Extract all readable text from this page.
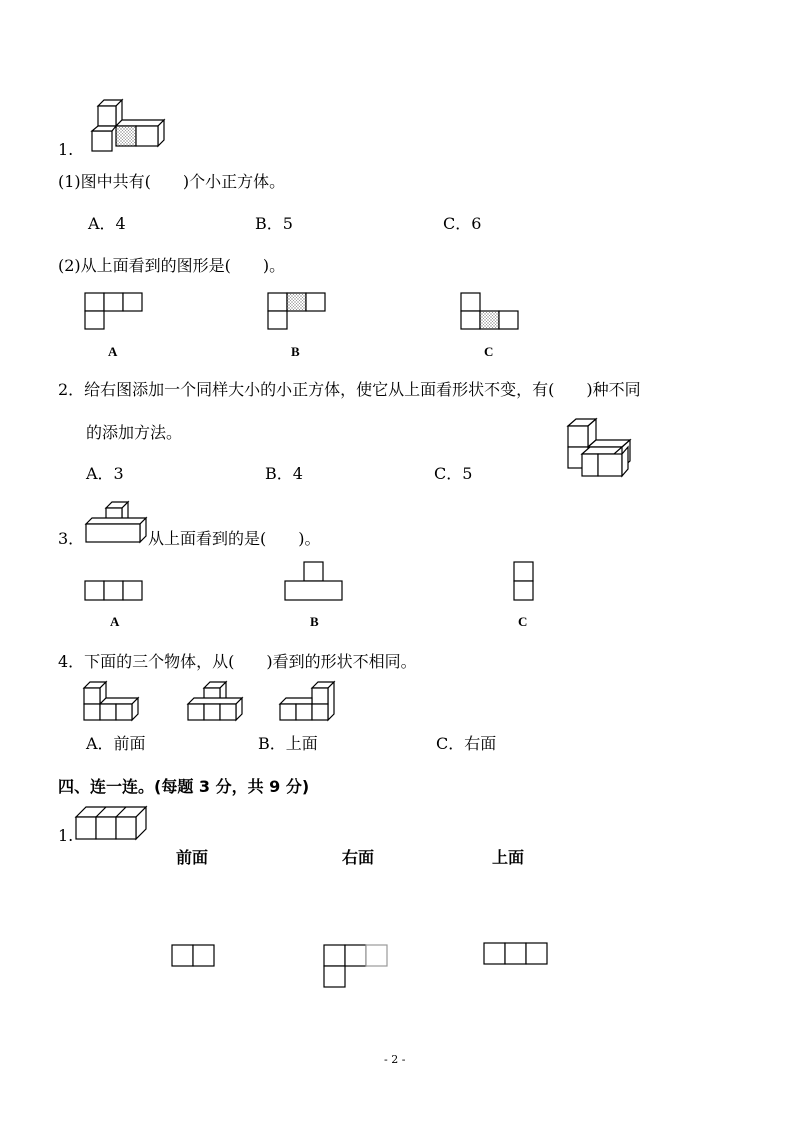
1.
(1)图中共有(　　)个小正方体。
A．4	B．5	C．6
(2)从上面看到的图形是(　　)。
A	B	C
2．给右图添加一个同样大小的小正方体，使它从上面看形状不变，有(　　)种不同
的添加方法。
A．3	B．4	C．5
3．	从上面看到的是(　　)。
A	B	C
4．下面的三个物体，从(　　)看到的形状不相同。
A．前面	B．上面	C．右面
四、连一连。(每题 3 分，共 9 分)
1.
前面	右面	上面
- 2 -
